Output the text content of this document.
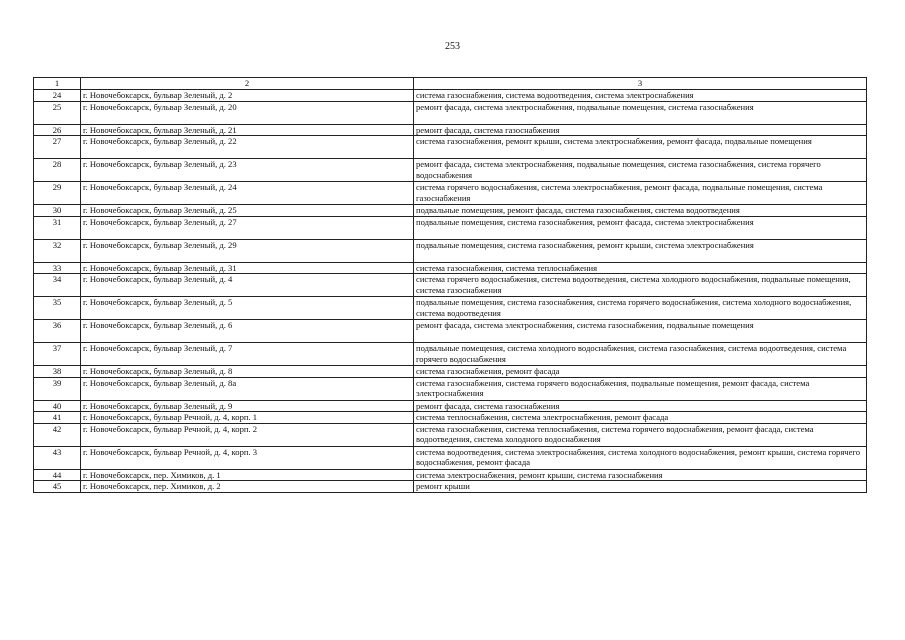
253
1	2	3
24	г. Новочебоксарск, бульвар Зеленый, д. 2	система газоснабжения, система водоотведения, система электроснабжения
25	г. Новочебоксарск, бульвар Зеленый, д. 20	ремонт фасада, система электроснабжения, подвальные помещения, система газоснабжения
26	г. Новочебоксарск, бульвар Зеленый, д. 21	ремонт фасада, система газоснабжения
27	г. Новочебоксарск, бульвар Зеленый, д. 22	система газоснабжения, ремонт крыши, система электроснабжения, ремонт фасада, подвальные помещения
28	г. Новочебоксарск, бульвар Зеленый, д. 23	ремонт фасада, система электроснабжения, подвальные помещения, система газоснабжения, система горячего водоснабжения
29	г. Новочебоксарск, бульвар Зеленый, д. 24	система горячего водоснабжения, система электроснабжения, ремонт фасада, подвальные помещения, система газоснабжения
30	г. Новочебоксарск, бульвар Зеленый, д. 25	подвальные помещения, ремонт фасада, система газоснабжения, система водоотведения
31	г. Новочебоксарск, бульвар Зеленый, д. 27	подвальные помещения, система газоснабжения, ремонт фасада, система электроснабжения
32	г. Новочебоксарск, бульвар Зеленый, д. 29	подвальные помещения, система газоснабжения, ремонт крыши, система электроснабжения
33	г. Новочебоксарск, бульвар Зеленый, д. 31	система газоснабжения, система теплоснабжения
34	г. Новочебоксарск, бульвар Зеленый, д. 4	система горячего водоснабжения, система водоотведения, система холодного водоснабжения, подвальные помещения, система газоснабжения
35	г. Новочебоксарск, бульвар Зеленый, д. 5	подвальные помещения, система газоснабжения, система горячего водоснабжения, система холодного водоснабжения, система водоотведения
36	г. Новочебоксарск, бульвар Зеленый, д. 6	ремонт фасада, система электроснабжения, система газоснабжения, подвальные помещения
37	г. Новочебоксарск, бульвар Зеленый, д. 7	подвальные помещения, система холодного водоснабжения, система газоснабжения, система водоотведения, система горячего водоснабжения
38	г. Новочебоксарск, бульвар Зеленый, д. 8	система газоснабжения, ремонт фасада
39	г. Новочебоксарск, бульвар Зеленый, д. 8а	система газоснабжения, система горячего водоснабжения, подвальные помещения, ремонт фасада, система электроснабжения
40	г. Новочебоксарск, бульвар Зеленый, д. 9	ремонт фасада, система газоснабжения
41	г. Новочебоксарск, бульвар Речной, д. 4, корп. 1	система теплоснабжения, система электроснабжения, ремонт фасада
42	г. Новочебоксарск, бульвар Речной, д. 4, корп. 2	система газоснабжения, система теплоснабжения, система горячего водоснабжения, ремонт фасада, система водоотведения, система холодного водоснабжения
43	г. Новочебоксарск, бульвар Речной, д. 4, корп. 3	система водоотведения, система электроснабжения, система холодного водоснабжения, ремонт крыши, система горячего водоснабжения, ремонт фасада
44	г. Новочебоксарск, пер. Химиков, д. 1	система электроснабжения, ремонт крыши, система газоснабжения
45	г. Новочебоксарск, пер. Химиков, д. 2	ремонт крыши
